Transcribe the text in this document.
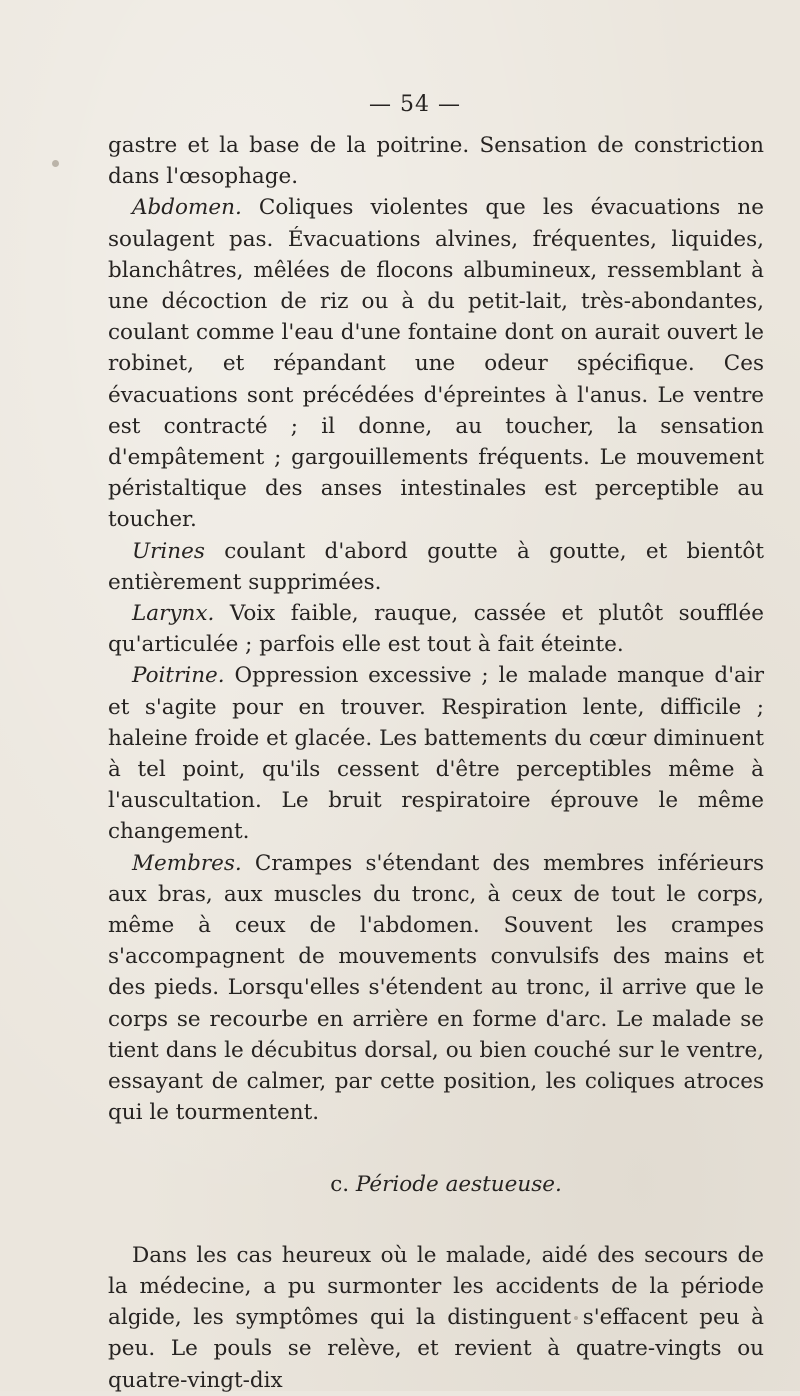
— 54 —

gastre et la base de la poitrine. Sensation de constriction dans l'œsophage.

Abdomen. Coliques violentes que les évacuations ne soulagent pas. Évacuations alvines, fréquentes, liquides, blanchâtres, mêlées de flocons albumineux, ressemblant à une décoction de riz ou à du petit-lait, très-abondantes, coulant comme l'eau d'une fontaine dont on aurait ouvert le robinet, et répandant une odeur spécifique. Ces évacuations sont précédées d'épreintes à l'anus. Le ventre est contracté ; il donne, au toucher, la sensation d'empâtement ; gargouillements fréquents. Le mouvement péristaltique des anses intestinales est perceptible au toucher.

Urines coulant d'abord goutte à goutte, et bientôt entièrement supprimées.

Larynx. Voix faible, rauque, cassée et plutôt soufflée qu'articulée ; parfois elle est tout à fait éteinte.

Poitrine. Oppression excessive ; le malade manque d'air et s'agite pour en trouver. Respiration lente, difficile ; haleine froide et glacée. Les battements du cœur diminuent à tel point, qu'ils cessent d'être perceptibles même à l'auscultation. Le bruit respiratoire éprouve le même changement.

Membres. Crampes s'étendant des membres inférieurs aux bras, aux muscles du tronc, à ceux de tout le corps, même à ceux de l'abdomen. Souvent les crampes s'accompagnent de mouvements convulsifs des mains et des pieds. Lorsqu'elles s'étendent au tronc, il arrive que le corps se recourbe en arrière en forme d'arc. Le malade se tient dans le décubitus dorsal, ou bien couché sur le ventre, essayant de calmer, par cette position, les coliques atroces qui le tourmentent.

c. Période aestueuse.

Dans les cas heureux où le malade, aidé des secours de la médecine, a pu surmonter les accidents de la période algide, les symptômes qui la distinguent s'effacent peu à peu. Le pouls se relève, et revient à quatre-vingts ou quatre-vingt-dix
